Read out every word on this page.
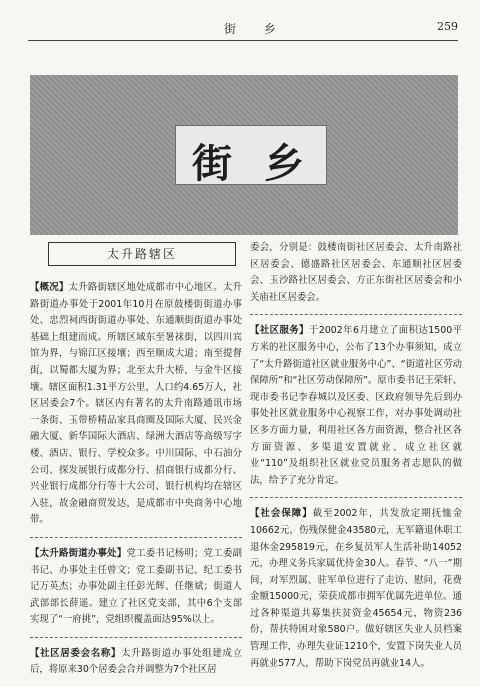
街 乡	259
街 乡
太升路辖区

【概况】太升路街辖区地处成都市中心地区。太升路街道办事处于2001年10月在原鼓楼街街道办事处、忠烈祠西街街道办事处、东通顺街街道办事处基础上组建而成。所辖区域东至暑袜街，以四川宾馆为界，与锦江区接壤；西至顺成大道；南至提督街，以蜀都大厦为界；北至太升大桥，与金牛区接壤。辖区面积1.31平方公里，人口约4.65万人，社区居委会7个。辖区内有著名的太升南路通讯市场一条街、玉带桥精品家具商圈及国际大厦、民兴金融大厦、新华国际大酒店、绿洲大酒店等高级写字楼、酒店、银行、学校众多。中川国际、中石油分公司、探发展银行成都分行、招商银行成都分行、兴业银行成都分行等十大公司、银行机构均在辖区入驻，故金融商贸发达，是成都市中央商务中心地带。

【太升路街道办事处】党工委书记杨明；党工委副书记、办事处主任曾文；党工委副书记、纪工委书记万英杰；办事处副主任彭光辉、任继斌；街道人武部部长薛遥。建立了社区党支部，其中6个支部实现了“一府挑”，党组织覆盖面达95%以上。

【社区居委会名称】太升路街道办事处组建成立后，将原来30个居委会合并调整为7个社区居

委会，分别是：鼓楼南街社区居委会、太升南路社区居委会、德盛路社区居委会、东通顺社区居委会、玉沙路社区居委会、方正东街社区居委会和小关庙社区居委会。

【社区服务】于2002年6月建立了面积达1500平方米的社区服务中心，公布了13个办事须知，成立了“太升路街道社区就业服务中心”、“街道社区劳动保障所”和“社区劳动保障所”。原市委书记王荣轩、现市委书记李春城以及区委、区政府领导先后到办事处社区就业服务中心视察工作，对办事处调动社区多方面力量，利用社区各方面资源，整合社区各方面资源、多渠道安置就业、成立社区就业“110”及组织社区就业党员服务者志愿队的做法，给予了充分肯定。

【社会保障】截至2002年，共发放定期抚恤金10662元，伤残保健金43580元，无军籍退休职工退休金295819元，在乡复员军人生活补助14052元，办理义务兵家属优待金30人。春节、“八一”期间，对军烈属、驻军单位进行了走访、慰问，花费金额15000元，荣获成都市拥军优属先进单位。通过各种渠道共募集扶贫资金45654元，物资236份，帮扶特困对象580户。做好辖区失业人员档案管理工作，办理失业证1210个，安置下岗失业人员再就业577人，帮助下岗党员再就业14人。
